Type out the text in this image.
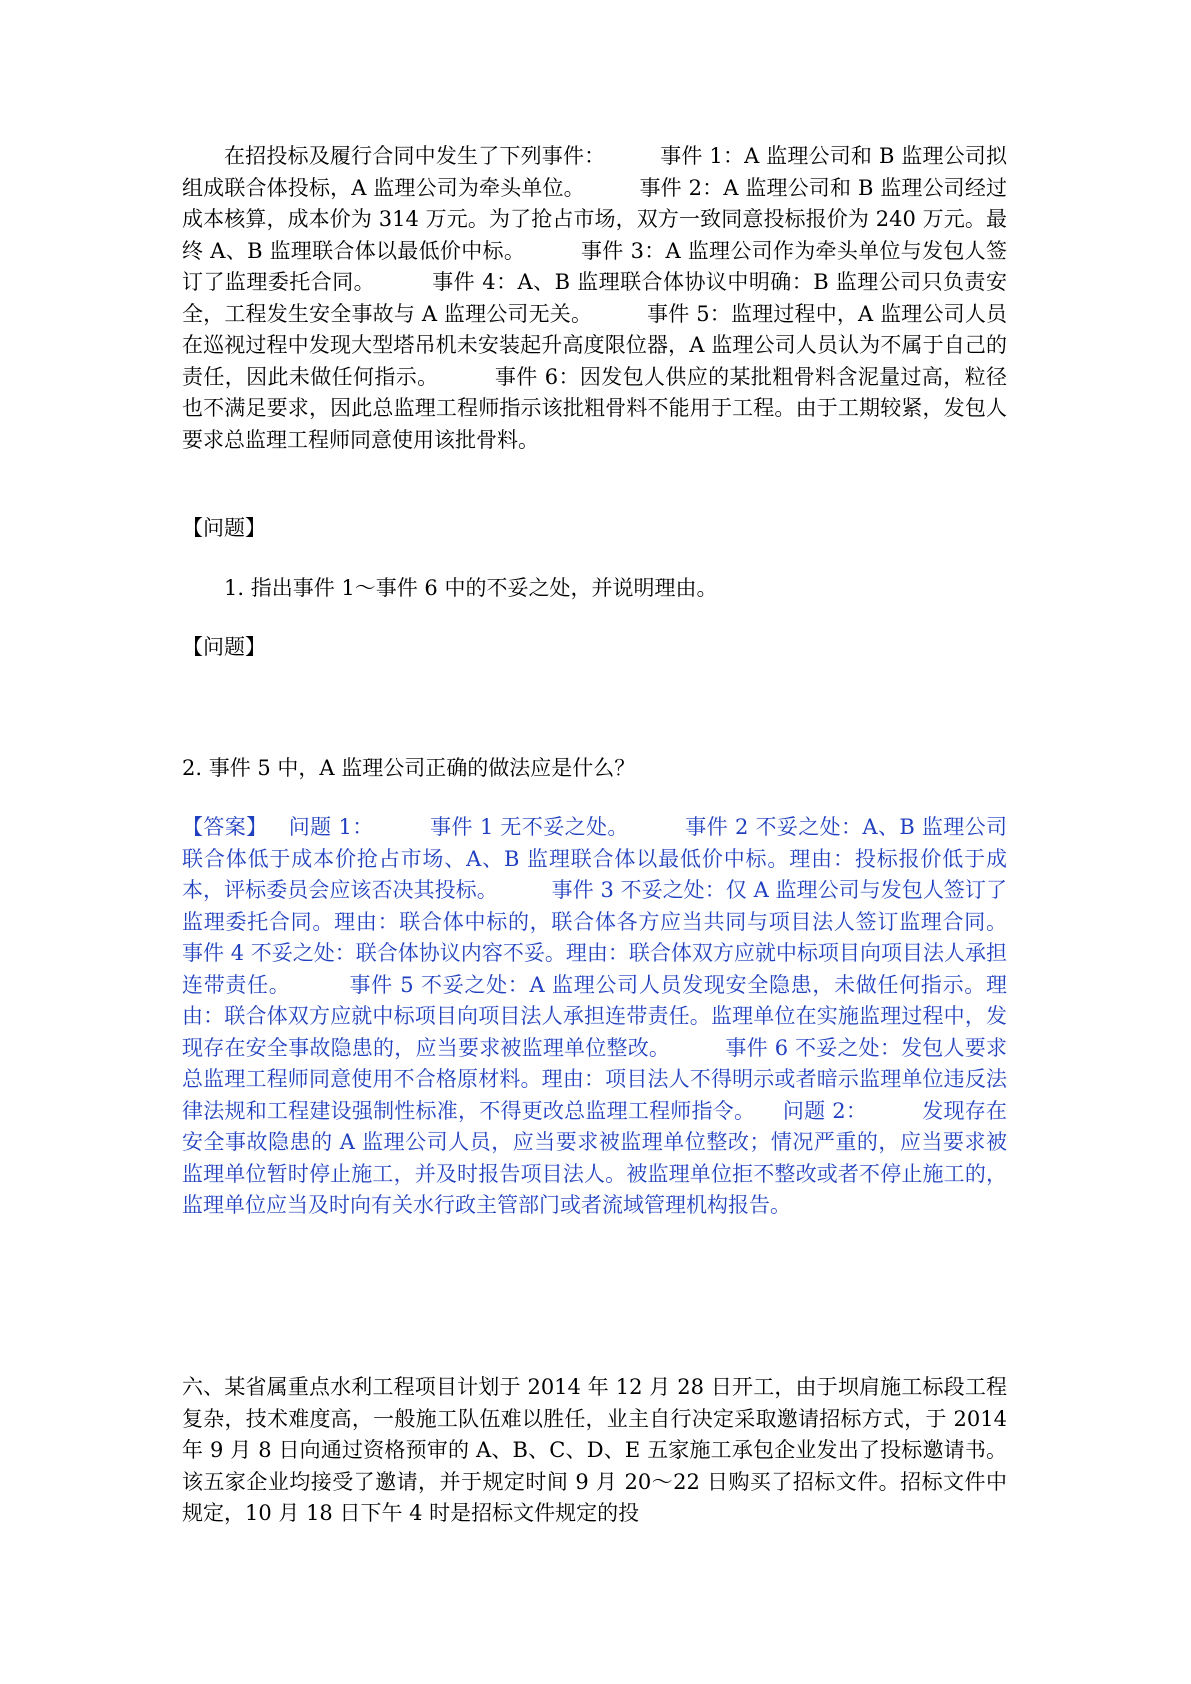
在招投标及履行合同中发生了下列事件：        事件 1：A 监理公司和 B 监理公司拟组成联合体投标，A 监理公司为牵头单位。        事件 2：A 监理公司和 B 监理公司经过成本核算，成本价为 314 万元。为了抢占市场，双方一致同意投标报价为 240 万元。最终 A、B 监理联合体以最低价中标。        事件 3：A 监理公司作为牵头单位与发包人签订了监理委托合同。        事件 4：A、B 监理联合体协议中明确：B 监理公司只负责安全，工程发生安全事故与 A 监理公司无关。        事件 5：监理过程中，A 监理公司人员在巡视过程中发现大型塔吊机未安装起升高度限位器，A 监理公司人员认为不属于自己的责任，因此未做任何指示。        事件 6：因发包人供应的某批粗骨料含泥量过高，粒径也不满足要求，因此总监理工程师指示该批粗骨料不能用于工程。由于工期较紧，发包人要求总监理工程师同意使用该批骨料。

【问题】

1. 指出事件 1～事件 6 中的不妥之处，并说明理由。

【问题】

2. 事件 5 中，A 监理公司正确的做法应是什么？

【答案】   问题 1：        事件 1 无不妥之处。        事件 2 不妥之处：A、B 监理公司联合体低于成本价抢占市场、A、B 监理联合体以最低价中标。理由：投标报价低于成本，评标委员会应该否决其投标。        事件 3 不妥之处：仅 A 监理公司与发包人签订了监理委托合同。理由：联合体中标的，联合体各方应当共同与项目法人签订监理合同。        事件 4 不妥之处：联合体协议内容不妥。理由：联合体双方应就中标项目向项目法人承担连带责任。        事件 5 不妥之处：A 监理公司人员发现安全隐患，未做任何指示。理由：联合体双方应就中标项目向项目法人承担连带责任。监理单位在实施监理过程中，发现存在安全事故隐患的，应当要求被监理单位整改。        事件 6 不妥之处：发包人要求总监理工程师同意使用不合格原材料。理由：项目法人不得明示或者暗示监理单位违反法律法规和工程建设强制性标准，不得更改总监理工程师指令。    问题 2：        发现存在安全事故隐患的 A 监理公司人员，应当要求被监理单位整改；情况严重的，应当要求被监理单位暂时停止施工，并及时报告项目法人。被监理单位拒不整改或者不停止施工的，监理单位应当及时向有关水行政主管部门或者流域管理机构报告。

六、某省属重点水利工程项目计划于 2014 年 12 月 28 日开工，由于坝肩施工标段工程复杂，技术难度高，一般施工队伍难以胜任，业主自行决定采取邀请招标方式，于 2014 年 9 月 8 日向通过资格预审的 A、B、C、D、E 五家施工承包企业发出了投标邀请书。该五家企业均接受了邀请，并于规定时间 9 月 20～22 日购买了招标文件。招标文件中规定，10 月 18 日下午 4 时是招标文件规定的投
